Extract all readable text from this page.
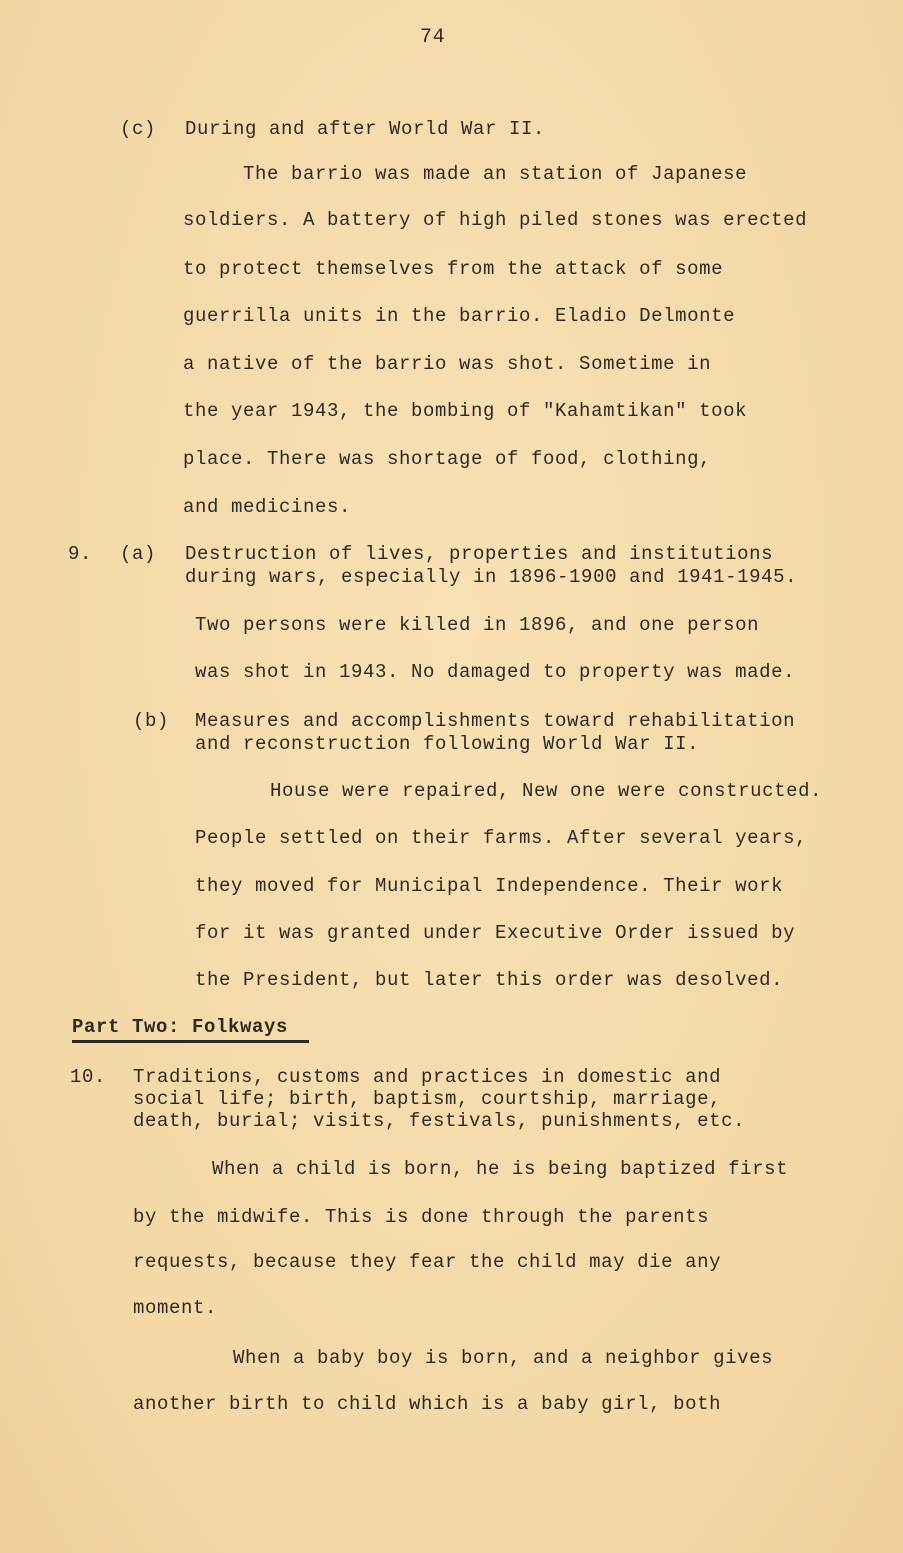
74
(c) During and after World War II.
The barrio was made an station of Japanese
soldiers. A battery of high piled stones was erected
to protect themselves from the attack of some
guerrilla units in the barrio. Eladio Delmonte
a native of the barrio was shot. Sometime in
the year 1943, the bombing of "Kahamtikan" took
place. There was shortage of food, clothing,
and medicines.
9. (a) Destruction of lives, properties and institutions
during wars, especially in 1896-1900 and 1941-1945.
Two persons were killed in 1896, and one person
was shot in 1943. No damaged to property was made.
(b) Measures and accomplishments toward rehabilitation
and reconstruction following World War II.
House were repaired, New one were constructed.
People settled on their farms. After several years,
they moved for Municipal Independence. Their work
for it was granted under Executive Order issued by
the President, but later this order was desolved.
Part Two: Folkways
10. Traditions, customs and practices in domestic and
social life; birth, baptism, courtship, marriage,
death, burial; visits, festivals, punishments, etc.
When a child is born, he is being baptized first
by the midwife. This is done through the parents
requests, because they fear the child may die any
moment.
When a baby boy is born, and a neighbor gives
another birth to child which is a baby girl, both
